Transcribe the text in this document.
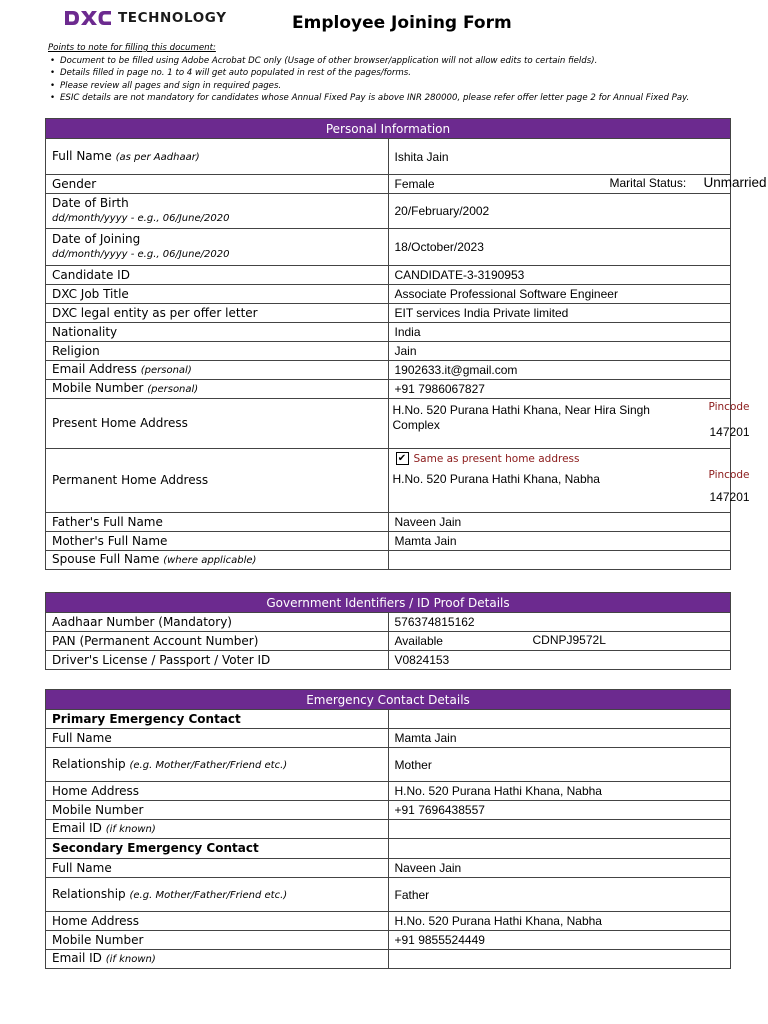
TECHNOLOGY	Employee Joining Form
Points to note for filling this document:
• Document to be filled using Adobe Acrobat DC only (Usage of other browser/application will not allow edits to certain fields).
• Details filled in page no. 1 to 4 will get auto populated in rest of the pages/forms.
• Please review all pages and sign in required pages.
• ESIC details are not mandatory for candidates whose Annual Fixed Pay is above INR 280000, please refer offer letter page 2 for Annual Fixed Pay.
Personal Information	
Full Name (as per Aadhaar)	Ishita Jain
Gender	Female Marital Status: Unmarried

Date of Birth
dd/month/yyyy - e.g., 06/June/2020	20/February/2002
Date of Joining
dd/month/yyyy - e.g., 06/June/2020	18/October/2023
Candidate ID	CANDIDATE-3-3190953
DXC Job Title	Associate Professional Software Engineer
DXC legal entity as per offer letter	EIT services India Private limited
Nationality	India
Religion	Jain
Email Address (personal)	1902633.it@gmail.com
Mobile Number (personal)	+91 7986067827
Present Home Address	H.No. 520 Purana Hathi Khana, Near Hira Singh Complex
Pincode
147201

Permanent Home Address	✔ Same as present home address
H.No. 520 Purana Hathi Khana, Nabha Pincode
147201

Father's Full Name	Naveen Jain
Mother's Full Name	Mamta Jain
Spouse Full Name (where applicable)	
Government Identifiers / ID Proof Details	
Aadhaar Number (Mandatory)	576374815162
PAN (Permanent Account Number)	Available CDNPJ9572L

Driver's License / Passport / Voter ID	V0824153
Emergency Contact Details	
Primary Emergency Contact	
Full Name	Mamta Jain
Relationship (e.g. Mother/Father/Friend etc.)	Mother
Home Address	H.No. 520 Purana Hathi Khana, Nabha
Mobile Number	+91 7696438557
Email ID (if known)	
Secondary Emergency Contact	
Full Name	Naveen Jain
Relationship (e.g. Mother/Father/Friend etc.)	Father
Home Address	H.No. 520 Purana Hathi Khana, Nabha
Mobile Number	+91 9855524449
Email ID (if known)	
